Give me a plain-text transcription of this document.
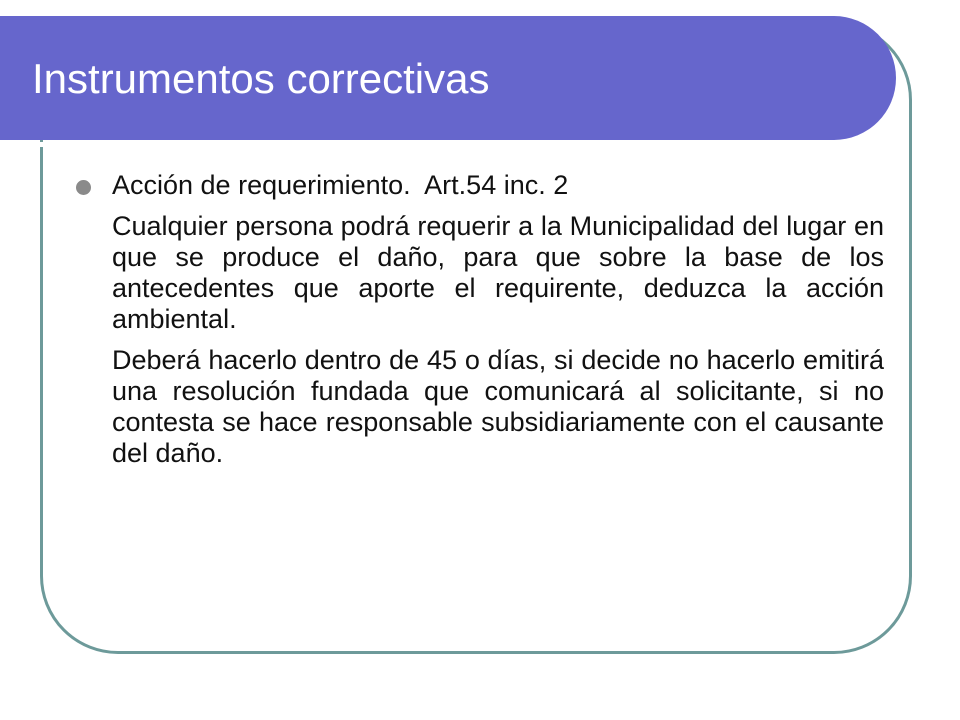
Instrumentos correctivas

Acción de requerimiento.  Art.54 inc. 2

Cualquier persona podrá requerir a la Municipalidad del lugar en que se produce el daño, para que sobre la base de los antecedentes que aporte el requirente, deduzca la acción ambiental.

Deberá hacerlo dentro de 45 o días, si decide no hacerlo emitirá una resolución fundada que comunicará al solicitante, si no contesta se hace responsable subsidiariamente con el causante del daño.
